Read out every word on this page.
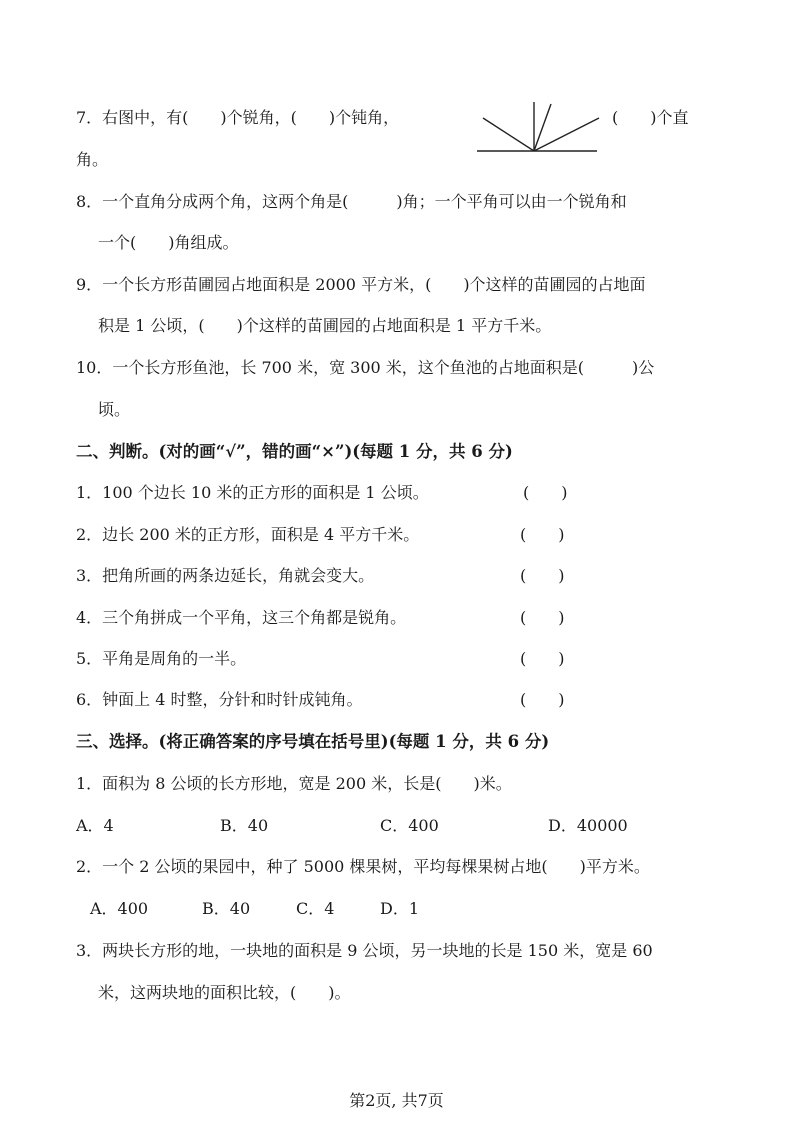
7．右图中，有(　　)个锐角，(　　)个钝角，	(　　)个直
角。
8．一个直角分成两个角，这两个角是(　　　)角；一个平角可以由一个锐角和
一个(　　)角组成。
9．一个长方形苗圃园占地面积是 2000 平方米，(　　)个这样的苗圃园的占地面
积是 1 公顷，(　　)个这样的苗圃园的占地面积是 1 平方千米。
10．一个长方形鱼池，长 700 米，宽 300 米，这个鱼池的占地面积是(　　　)公
顷。
二、判断。(对的画“√”，错的画“×”)(每题 1 分，共 6 分)
1．100 个边长 10 米的正方形的面积是 1 公顷。	(　　)
2．边长 200 米的正方形，面积是 4 平方千米。	(　　)
3．把角所画的两条边延长，角就会变大。	(　　)
4．三个角拼成一个平角，这三个角都是锐角。	(　　)
5．平角是周角的一半。	(　　)
6．钟面上 4 时整，分针和时针成钝角。	(　　)
三、选择。(将正确答案的序号填在括号里)(每题 1 分，共 6 分)
1．面积为 8 公顷的长方形地，宽是 200 米，长是(　　)米。
A．4	B．40	C．400	D．40000
2．一个 2 公顷的果园中，种了 5000 棵果树，平均每棵果树占地(　　)平方米。
A．400	B．40	C．4	D．1
3．两块长方形的地，一块地的面积是 9 公顷，另一块地的长是 150 米，宽是 60
米，这两块地的面积比较，(　　)。
第2页, 共7页
